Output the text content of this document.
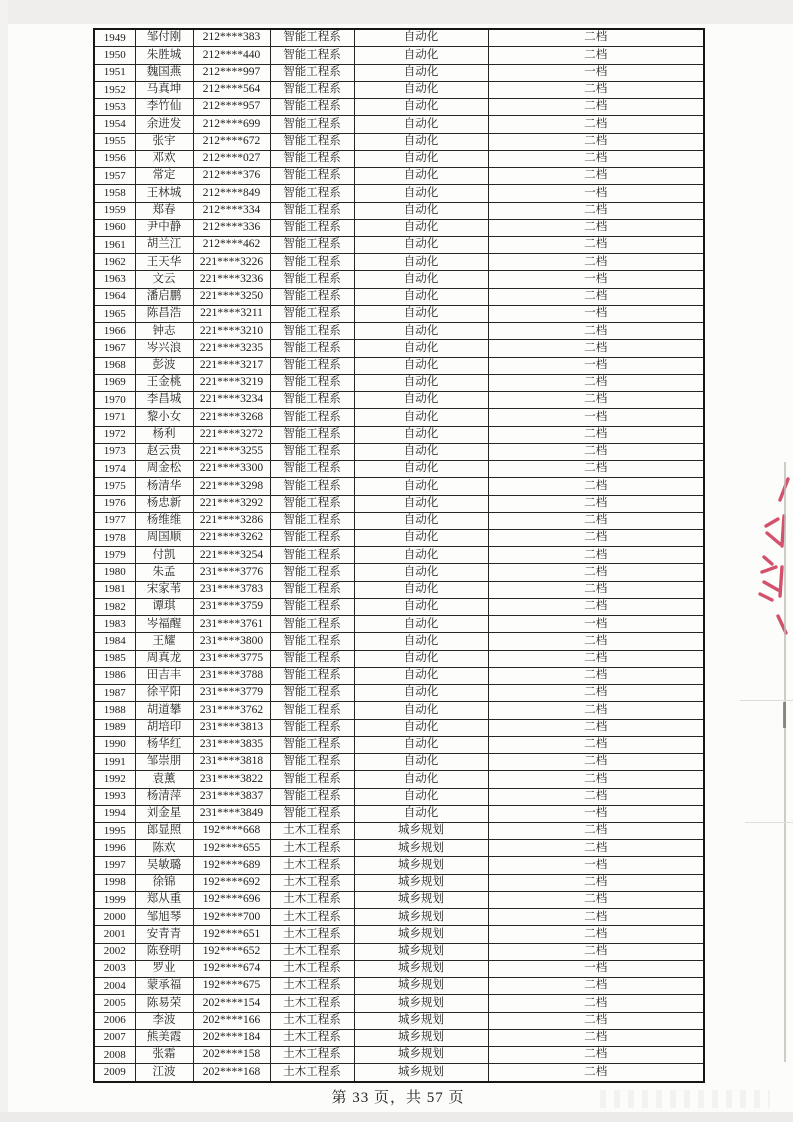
1949	邹付刚	212****383	智能工程系	自动化	二档
1950	朱胜城	212****440	智能工程系	自动化	二档
1951	魏国燕	212****997	智能工程系	自动化	一档
1952	马真坤	212****564	智能工程系	自动化	二档
1953	李竹仙	212****957	智能工程系	自动化	二档
1954	余进发	212****699	智能工程系	自动化	二档
1955	张宇	212****672	智能工程系	自动化	二档
1956	邓欢	212****027	智能工程系	自动化	二档
1957	常定	212****376	智能工程系	自动化	二档
1958	王林城	212****849	智能工程系	自动化	一档
1959	郑春	212****334	智能工程系	自动化	二档
1960	尹中静	212****336	智能工程系	自动化	二档
1961	胡兰江	212****462	智能工程系	自动化	二档
1962	王天华	221****3226	智能工程系	自动化	二档
1963	文云	221****3236	智能工程系	自动化	一档
1964	潘启鹏	221****3250	智能工程系	自动化	二档
1965	陈昌浩	221****3211	智能工程系	自动化	一档
1966	钟志	221****3210	智能工程系	自动化	二档
1967	岑兴浪	221****3235	智能工程系	自动化	二档
1968	彭波	221****3217	智能工程系	自动化	一档
1969	王金桃	221****3219	智能工程系	自动化	二档
1970	李昌城	221****3234	智能工程系	自动化	二档
1971	黎小女	221****3268	智能工程系	自动化	一档
1972	杨利	221****3272	智能工程系	自动化	二档
1973	赵云贵	221****3255	智能工程系	自动化	二档
1974	周金松	221****3300	智能工程系	自动化	二档
1975	杨清华	221****3298	智能工程系	自动化	二档
1976	杨忠新	221****3292	智能工程系	自动化	二档
1977	杨维维	221****3286	智能工程系	自动化	二档
1978	周国顺	221****3262	智能工程系	自动化	二档
1979	付凯	221****3254	智能工程系	自动化	二档
1980	朱孟	231****3776	智能工程系	自动化	二档
1981	宋家苇	231****3783	智能工程系	自动化	二档
1982	谭琪	231****3759	智能工程系	自动化	二档
1983	岑福醒	231****3761	智能工程系	自动化	一档
1984	王耀	231****3800	智能工程系	自动化	二档
1985	周真龙	231****3775	智能工程系	自动化	二档
1986	田吉丰	231****3788	智能工程系	自动化	二档
1987	徐平阳	231****3779	智能工程系	自动化	二档
1988	胡道攀	231****3762	智能工程系	自动化	二档
1989	胡培印	231****3813	智能工程系	自动化	二档
1990	杨华红	231****3835	智能工程系	自动化	二档
1991	邹崇朋	231****3818	智能工程系	自动化	二档
1992	袁薰	231****3822	智能工程系	自动化	二档
1993	杨清萍	231****3837	智能工程系	自动化	二档
1994	刘金星	231****3849	智能工程系	自动化	一档
1995	郎显照	192****668	土木工程系	城乡规划	二档
1996	陈欢	192****655	土木工程系	城乡规划	二档
1997	吴敏璐	192****689	土木工程系	城乡规划	一档
1998	徐锦	192****692	土木工程系	城乡规划	二档
1999	郑从重	192****696	土木工程系	城乡规划	二档
2000	邹旭琴	192****700	土木工程系	城乡规划	二档
2001	安青青	192****651	土木工程系	城乡规划	二档
2002	陈登明	192****652	土木工程系	城乡规划	二档
2003	罗业	192****674	土木工程系	城乡规划	一档
2004	蒙承福	192****675	土木工程系	城乡规划	二档
2005	陈易荣	202****154	土木工程系	城乡规划	二档
2006	李波	202****166	土木工程系	城乡规划	二档
2007	熊美霞	202****184	土木工程系	城乡规划	二档
2008	张霜	202****158	土木工程系	城乡规划	二档
2009	江波	202****168	土木工程系	城乡规划	二档
第 33 页，共 57 页
